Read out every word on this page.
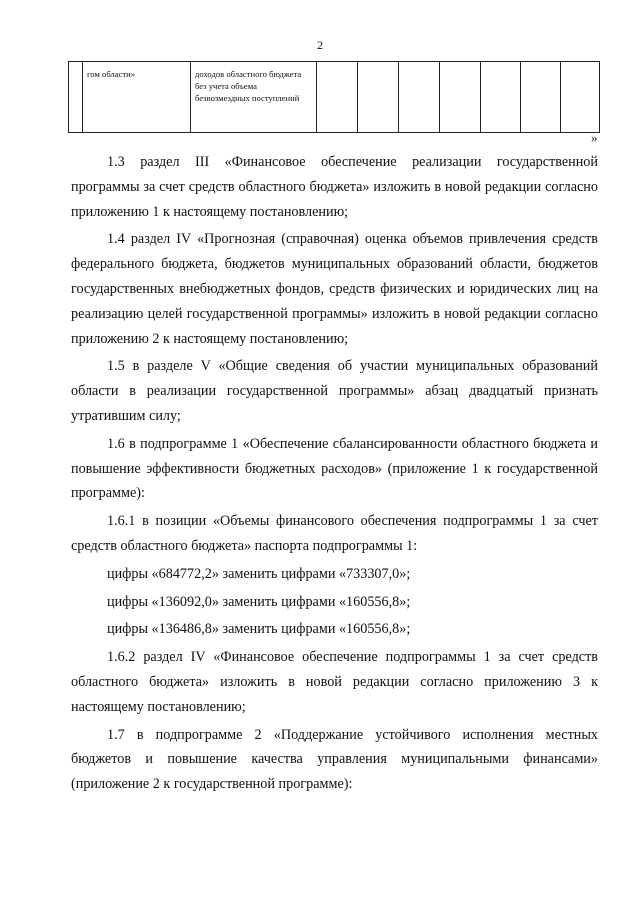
2
	гом области»	доходов областного бюджета без учета объема безвозмездных поступлений							
»

1.3 раздел III «Финансовое обеспечение реализации государственной программы за счет средств областного бюджета» изложить в новой редакции согласно приложению 1 к настоящему постановлению;

1.4 раздел IV «Прогнозная (справочная) оценка объемов привлечения средств федерального бюджета, бюджетов муниципальных образований области, бюджетов государственных внебюджетных фондов, средств физических и юридических лиц на реализацию целей государственной программы» изложить в новой редакции согласно приложению 2 к настоящему постановлению;

1.5 в разделе V «Общие сведения об участии муниципальных образований области в реализации государственной программы» абзац двадцатый признать утратившим силу;

1.6 в подпрограмме 1 «Обеспечение сбалансированности областного бюджета и повышение эффективности бюджетных расходов» (приложение 1 к государственной программе):

1.6.1 в позиции «Объемы финансового обеспечения подпрограммы 1 за счет средств областного бюджета» паспорта подпрограммы 1:

цифры «684772,2» заменить цифрами «733307,0»;

цифры «136092,0» заменить цифрами «160556,8»;

цифры «136486,8» заменить цифрами «160556,8»;

1.6.2 раздел IV «Финансовое обеспечение подпрограммы 1 за счет средств областного бюджета» изложить в новой редакции согласно приложению 3 к настоящему постановлению;

1.7 в подпрограмме 2 «Поддержание устойчивого исполнения местных бюджетов и повышение качества управления муниципальными финансами» (приложение 2 к государственной программе):
